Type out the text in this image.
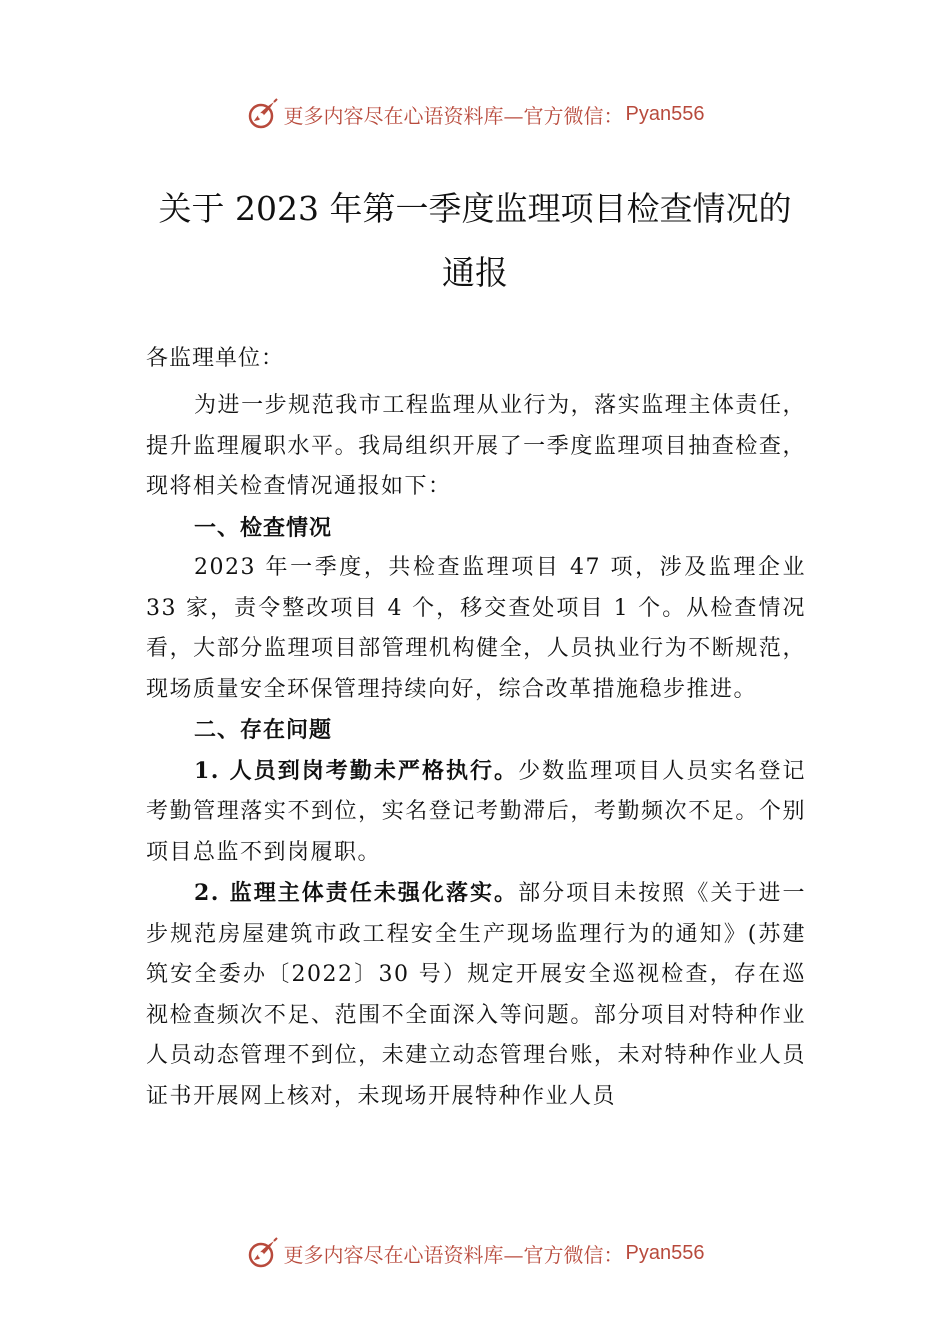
更多内容尽在心语资料库—官方微信： Pyan556
关于 2023 年第一季度监理项目检查情况的
通报

各监理单位：

为进一步规范我市工程监理从业行为，落实监理主体责任，提升监理履职水平。我局组织开展了一季度监理项目抽查检查，现将相关检查情况通报如下：

一、检查情况

2023 年一季度，共检查监理项目 47 项，涉及监理企业 33 家，责令整改项目 4 个，移交查处项目 1 个。从检查情况看，大部分监理项目部管理机构健全，人员执业行为不断规范，现场质量安全环保管理持续向好，综合改革措施稳步推进。

二、存在问题

1. 人员到岗考勤未严格执行。少数监理项目人员实名登记考勤管理落实不到位，实名登记考勤滞后，考勤频次不足。个别项目总监不到岗履职。

2. 监理主体责任未强化落实。部分项目未按照《关于进一步规范房屋建筑市政工程安全生产现场监理行为的通知》(苏建筑安全委办〔2022〕30 号）规定开展安全巡视检查，存在巡视检查频次不足、范围不全面深入等问题。部分项目对特种作业人员动态管理不到位，未建立动态管理台账，未对特种作业人员证书开展网上核对，未现场开展特种作业人员

更多内容尽在心语资料库—官方微信： Pyan556
